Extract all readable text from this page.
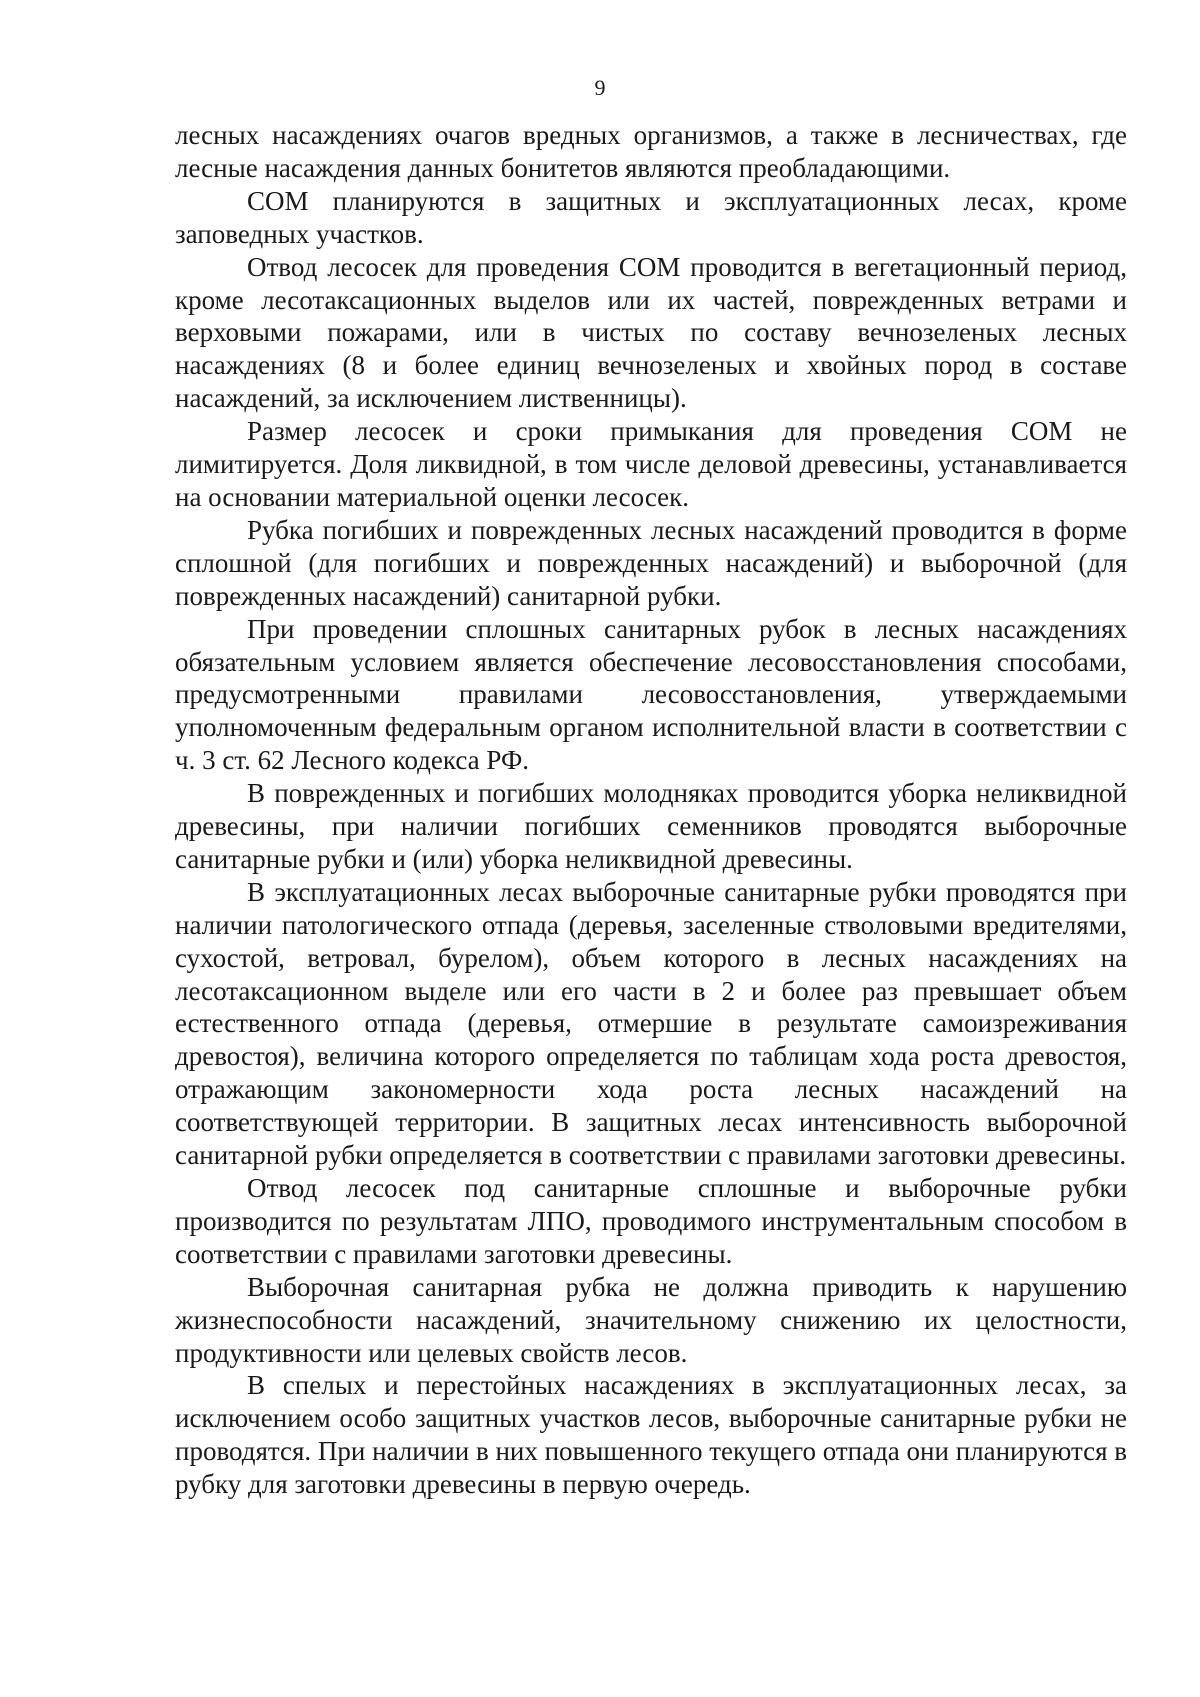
9

лесных насаждениях очагов вредных организмов, а также в лесничествах, где лесные насаждения данных бонитетов являются преобладающими.

СОМ планируются в защитных и эксплуатационных лесах, кроме заповедных участков.

Отвод лесосек для проведения СОМ проводится в вегетационный период, кроме лесотаксационных выделов или их частей, поврежденных ветрами и верховыми пожарами, или в чистых по составу вечнозеленых лесных насаждениях (8 и более единиц вечнозеленых и хвойных пород в составе насаждений, за исключением лиственницы).

Размер лесосек и сроки примыкания для проведения СОМ не лимитируется. Доля ликвидной, в том числе деловой древесины, устанавливается на основании материальной оценки лесосек.

Рубка погибших и поврежденных лесных насаждений проводится в форме сплошной (для погибших и поврежденных насаждений) и выборочной (для поврежденных насаждений) санитарной рубки.

При проведении сплошных санитарных рубок в лесных насаждениях обязательным условием является обеспечение лесовосстановления способами, предусмотренными правилами лесовосстановления, утверждаемыми уполномоченным федеральным органом исполнительной власти в соответствии с ч. 3 ст. 62 Лесного кодекса РФ.

В поврежденных и погибших молодняках проводится уборка неликвидной древесины, при наличии погибших семенников проводятся выборочные санитарные рубки и (или) уборка неликвидной древесины.

В эксплуатационных лесах выборочные санитарные рубки проводятся при наличии патологического отпада (деревья, заселенные стволовыми вредителями, сухостой, ветровал, бурелом), объем которого в лесных насаждениях на лесотаксационном выделе или его части в 2 и более раз превышает объем естественного отпада (деревья, отмершие в результате самоизреживания древостоя), величина которого определяется по таблицам хода роста древостоя, отражающим закономерности хода роста лесных насаждений на соответствующей территории. В защитных лесах интенсивность выборочной санитарной рубки определяется в соответствии с правилами заготовки древесины.

Отвод лесосек под санитарные сплошные и выборочные рубки производится по результатам ЛПО, проводимого инструментальным способом в соответствии с правилами заготовки древесины.

Выборочная санитарная рубка не должна приводить к нарушению жизнеспособности насаждений, значительному снижению их целостности, продуктивности или целевых свойств лесов.

В спелых и перестойных насаждениях в эксплуатационных лесах, за исключением особо защитных участков лесов, выборочные санитарные рубки не проводятся. При наличии в них повышенного текущего отпада они планируются в рубку для заготовки древесины в первую очередь.
